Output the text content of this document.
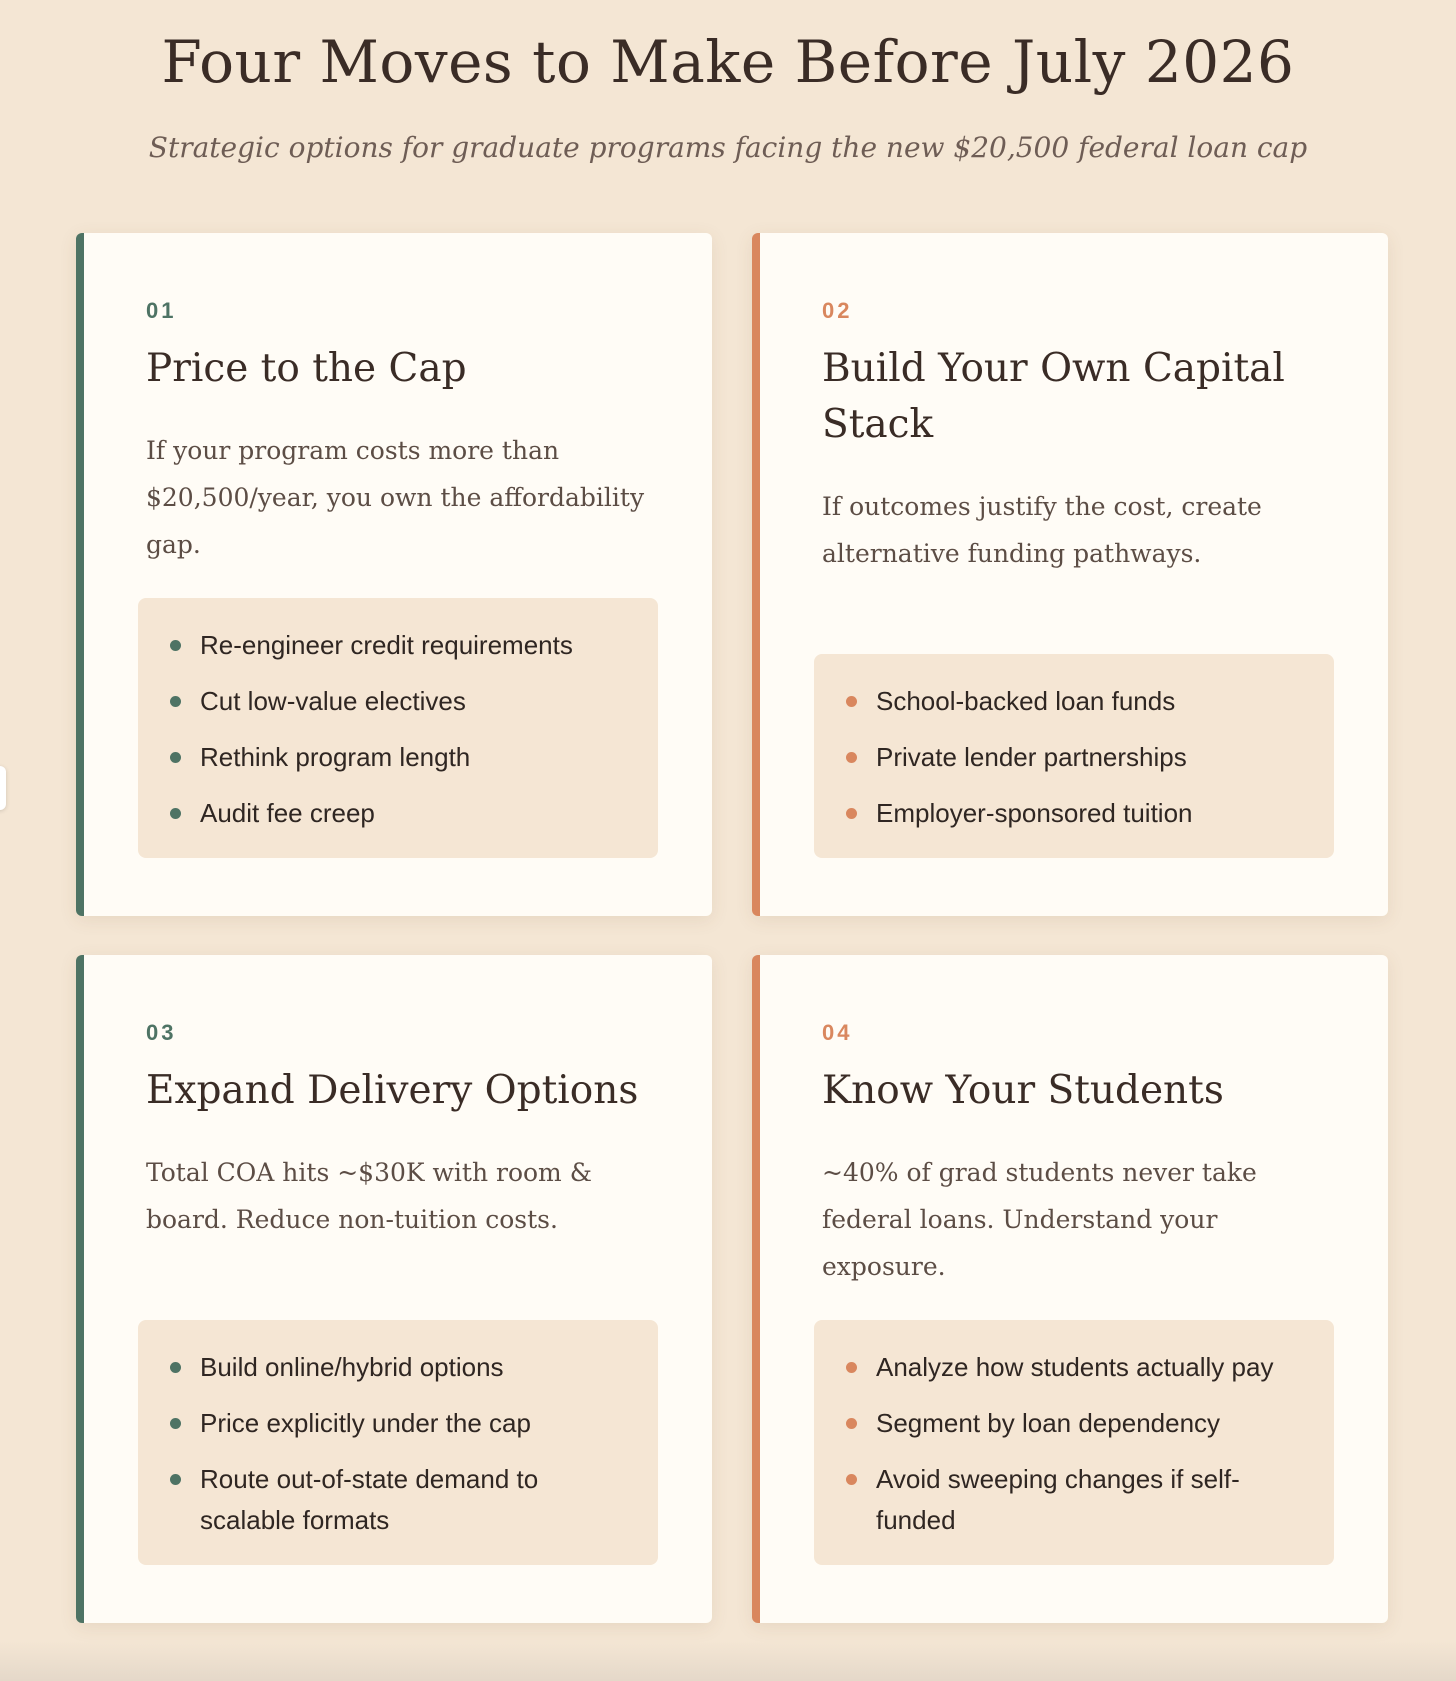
Four Moves to Make Before July 2026

Strategic options for graduate programs facing the new $20,500 federal loan cap

01
Price to the Cap

If your program costs more than $20,500/year, you own the affordability gap.

Re-engineer credit requirements
Cut low-value electives
Rethink program length
Audit fee creep
02
Build Your Own Capital Stack

If outcomes justify the cost, create alternative funding pathways.

School-backed loan funds
Private lender partnerships
Employer-sponsored tuition
03
Expand Delivery Options

Total COA hits ~$30K with room & board. Reduce non-tuition costs.

Build online/hybrid options
Price explicitly under the cap
Route out-of-state demand to scalable formats
04
Know Your Students

~40% of grad students never take federal loans. Understand your exposure.

Analyze how students actually pay
Segment by loan dependency
Avoid sweeping changes if self-funded
